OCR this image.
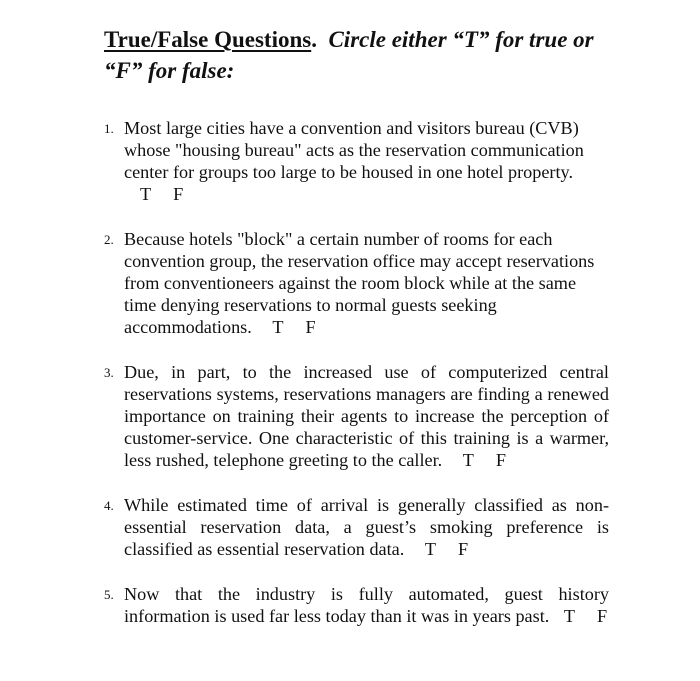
True/False Questions. Circle either “T” for true or “F” for false:

1. Most large cities have a convention and visitors bureau (CVB) whose "housing bureau" acts as the reservation communication center for groups too large to be housed in one hotel property. T F

2. Because hotels "block" a certain number of rooms for each convention group, the reservation office may accept reservations from conventioneers against the room block while at the same time denying reservations to normal guests seeking accommodations. T F

3. Due, in part, to the increased use of computerized central reservations systems, reservations managers are finding a renewed importance on training their agents to increase the perception of customer-service. One characteristic of this training is a warmer, less rushed, telephone greeting to the caller. T F

4. While estimated time of arrival is generally classified as non-essential reservation data, a guest’s smoking preference is classified as essential reservation data. T F

5. Now that the industry is fully automated, guest history information is used far less today than it was in years past. T F
